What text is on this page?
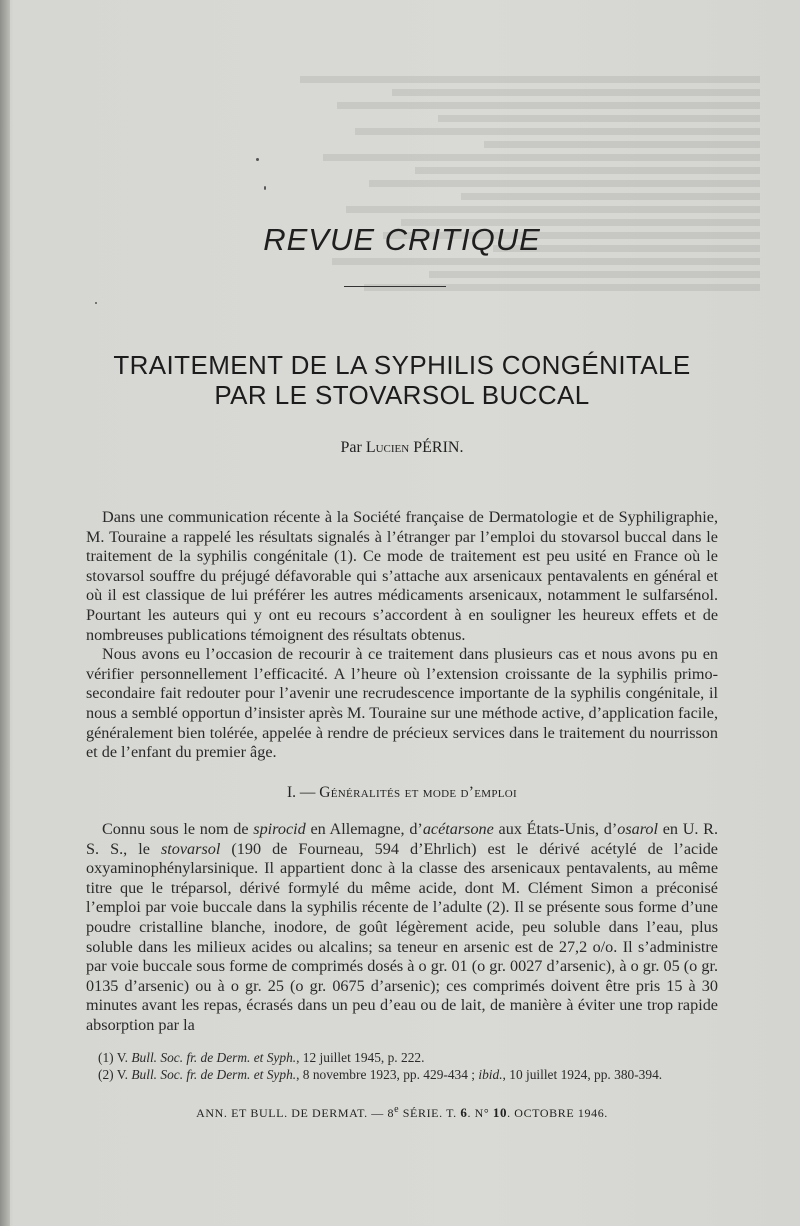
REVUE CRITIQUE
TRAITEMENT DE LA SYPHILIS CONGÉNITALE
PAR LE STOVARSOL BUCCAL
Par Lucien PÉRIN.

Dans une communication récente à la Société française de Dermatologie et de Syphiligraphie, M. Touraine a rappelé les résultats signalés à l’étranger par l’emploi du stovarsol buccal dans le traitement de la syphilis congénitale (1). Ce mode de traitement est peu usité en France où le stovarsol souffre du préjugé défavorable qui s’attache aux arsenicaux pentavalents en général et où il est classique de lui préférer les autres médicaments arsenicaux, notamment le sulfarsénol. Pourtant les auteurs qui y ont eu recours s’accordent à en souligner les heureux effets et de nombreuses publications témoignent des résultats obtenus.

Nous avons eu l’occasion de recourir à ce traitement dans plusieurs cas et nous avons pu en vérifier personnellement l’efficacité. A l’heure où l’extension croissante de la syphilis primo-secondaire fait redouter pour l’avenir une recrudescence importante de la syphilis congénitale, il nous a semblé opportun d’insister après M. Touraine sur une méthode active, d’application facile, généralement bien tolérée, appelée à rendre de précieux services dans le traitement du nourrisson et de l’enfant du premier âge.

I. — Généralités et mode d’emploi

Connu sous le nom de spirocid en Allemagne, d’acétarsone aux États-Unis, d’osarol en U. R. S. S., le stovarsol (190 de Fourneau, 594 d’Ehrlich) est le dérivé acétylé de l’acide oxyaminophénylarsinique. Il appartient donc à la classe des arsenicaux pentavalents, au même titre que le tréparsol, dérivé formylé du même acide, dont M. Clément Simon a préconisé l’emploi par voie buccale dans la syphilis récente de l’adulte (2). Il se présente sous forme d’une poudre cristalline blanche, inodore, de goût légèrement acide, peu soluble dans l’eau, plus soluble dans les milieux acides ou alcalins; sa teneur en arsenic est de 27,2 o/o. Il s’administre par voie buccale sous forme de comprimés dosés à o gr. 01 (o gr. 0027 d’arsenic), à o gr. 05 (o gr. 0135 d’arsenic) ou à o gr. 25 (o gr. 0675 d’arsenic); ces comprimés doivent être pris 15 à 30 minutes avant les repas, écrasés dans un peu d’eau ou de lait, de manière à éviter une trop rapide absorption par la

(1) V. Bull. Soc. fr. de Derm. et Syph., 12 juillet 1945, p. 222.

(2) V. Bull. Soc. fr. de Derm. et Syph., 8 novembre 1923, pp. 429-434 ; ibid., 10 juillet 1924, pp. 380-394.

ANN. ET BULL. DE DERMAT. — 8e SÉRIE. T. 6. N° 10. OCTOBRE 1946.
